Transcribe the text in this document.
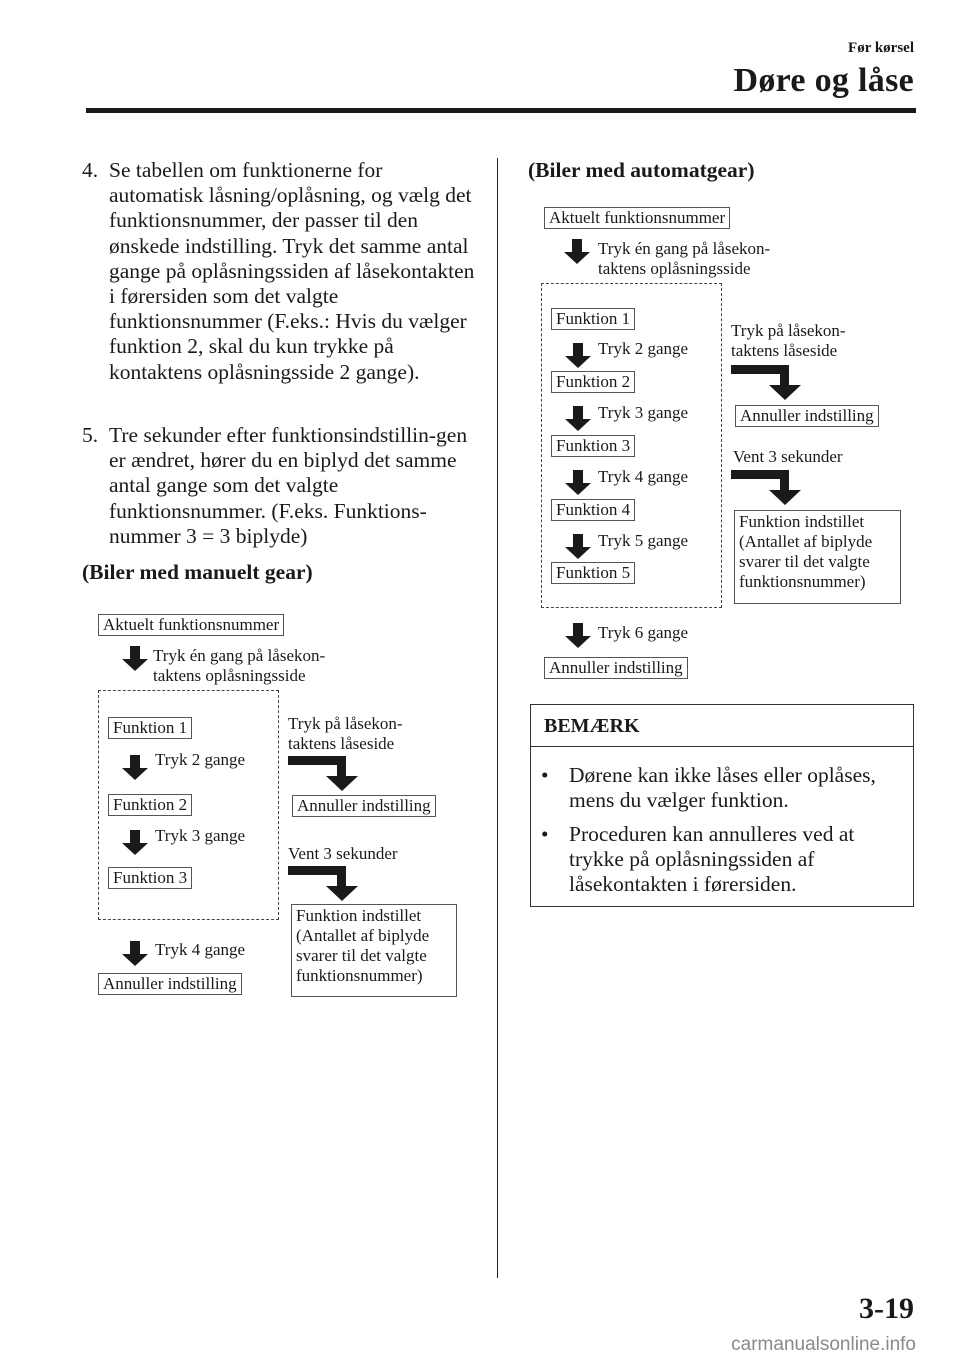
Før kørsel
Døre og låse
4. Se tabellen om funktionerne for automatisk låsning/oplåsning, og vælg det funktionsnummer, der passer til den ønskede indstilling. Tryk det samme antal gange på oplåsningssiden af låsekontakten i førersiden som det valgte funktionsnummer (F.eks.: Hvis du vælger funktion 2, skal du kun trykke på kontaktens oplåsningsside 2 gange).
5. Tre sekunder efter funktionsindstillin-gen er ændret, hører du en biplyd det samme antal gange som det valgte funktionsnummer. (F.eks. Funktions-nummer 3 = 3 biplyde)
(Biler med manuelt gear)
Aktuelt funktionsnummer
Tryk én gang på låsekon-
taktens oplåsningsside
Funktion 1
Tryk 2 gange
Funktion 2
Tryk 3 gange
Funktion 3
Tryk 4 gange
Annuller indstilling
Tryk på låsekon-
taktens låseside
Annuller indstilling
Vent 3 sekunder
Funktion indstillet
(Antallet af biplyde
svarer til det valgte
funktionsnummer)
(Biler med automatgear)
Aktuelt funktionsnummer
Tryk én gang på låsekon-
taktens oplåsningsside
Funktion 1
Tryk 2 gange
Funktion 2
Tryk 3 gange
Funktion 3
Tryk 4 gange
Funktion 4
Tryk 5 gange
Funktion 5
Tryk 6 gange
Annuller indstilling
Tryk på låsekon-
taktens låseside
Annuller indstilling
Vent 3 sekunder
Funktion indstillet
(Antallet af biplyde
svarer til det valgte
funktionsnummer)
BEMÆRK
• Dørene kan ikke låses eller oplåses, mens du vælger funktion.
• Proceduren kan annulleres ved at trykke på oplåsningssiden af låsekontakten i førersiden.
3-19
carmanualsonline.info
